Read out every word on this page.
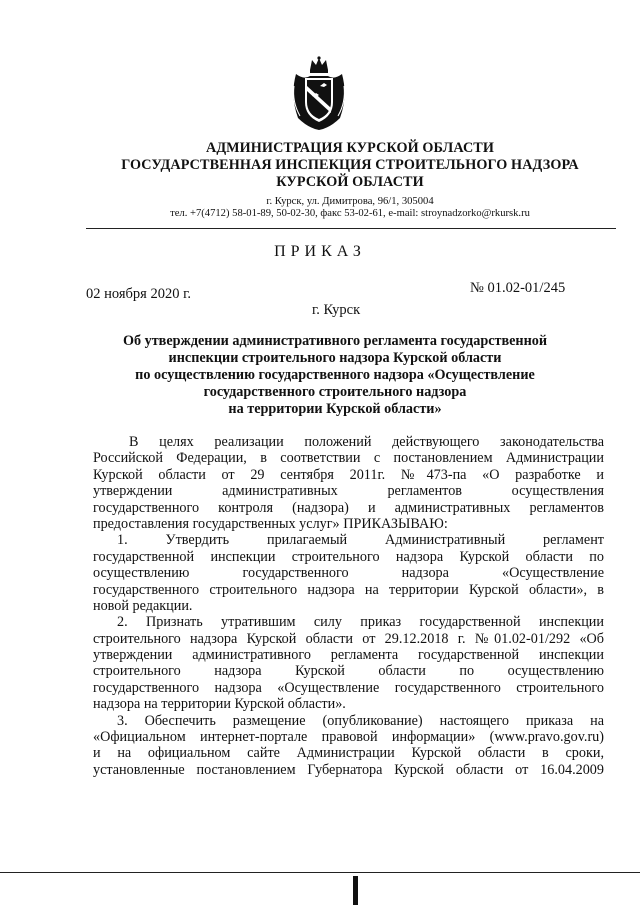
АДМИНИСТРАЦИЯ КУРСКОЙ ОБЛАСТИ
ГОСУДАРСТВЕННАЯ ИНСПЕКЦИЯ СТРОИТЕЛЬНОГО НАДЗОРА
КУРСКОЙ ОБЛАСТИ
г. Курск, ул. Димитрова, 96/1, 305004
тел. +7(4712) 58-01-89, 50-02-30, факс 53-02-61, e-mail: stroynadzorko@rkursk.ru
ПРИКАЗ
02 ноября 2020 г.	№ 01.02-01/245
г. Курск
Об утверждении административного регламента государственной
инспекции строительного надзора Курской области
по осуществлению государственного надзора «Осуществление
государственного строительного надзора
на территории Курской области»
В целях реализации положений действующего законодательства
Российской Федерации, в соответствии с постановлением Администрации
Курской области от 29 сентября 2011г. №473-па «О разработке и
утверждении административных регламентов осуществления
государственного контроля (надзора) и административных регламентов
предоставления государственных услуг» ПРИКАЗЫВАЮ:
1. Утвердить прилагаемый Административный регламент
государственной инспекции строительного надзора Курской области по
осуществлению государственного надзора «Осуществление
государственного строительного надзора на территории Курской области», в
новой редакции.
2. Признать утратившим силу приказ государственной инспекции
строительного надзора Курской области от 29.12.2018 г. №01.02-01/292 «Об
утверждении административного регламента государственной инспекции
строительного надзора Курской области по осуществлению
государственного надзора «Осуществление государственного строительного
надзора на территории Курской области».
3. Обеспечить размещение (опубликование) настоящего приказа на
«Официальном интернет-портале правовой информации» (www.pravo.gov.ru)
и на официальном сайте Администрации Курской области в сроки,
установленные постановлением Губернатора Курской области от 16.04.2009
